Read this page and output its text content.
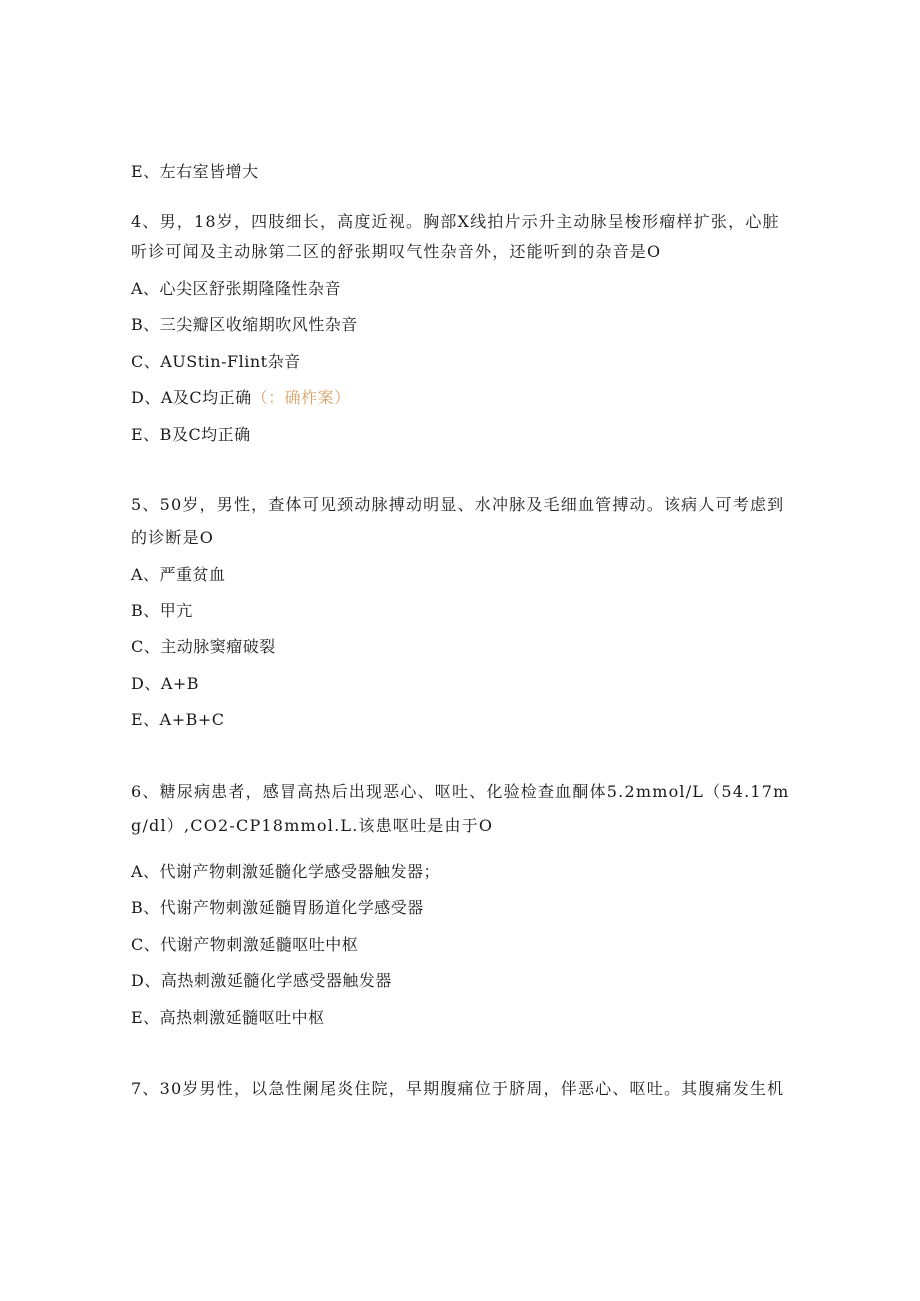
E、左右室皆增大
4、男，18岁，四肢细长，高度近视。胸部X线拍片示升主动脉呈梭形瘤样扩张，心脏
听诊可闻及主动脉第二区的舒张期叹气性杂音外，还能听到的杂音是O
A、心尖区舒张期隆隆性杂音
B、三尖瓣区收缩期吹风性杂音
C、AUStin-Flint杂音
D、A及C均正确（：确柞案）
E、B及C均正确
5、50岁，男性，查体可见颈动脉搏动明显、水冲脉及毛细血管搏动。该病人可考虑到
的诊断是O
A、严重贫血
B、甲亢
C、主动脉窦瘤破裂
D、A+B
E、A+B+C
6、糖尿病患者，感冒高热后出现恶心、呕吐、化验检查血酮体5.2mmol/L（54.17m
g/dl）,CO2-CP18mmol.L.该患呕吐是由于O
A、代谢产物刺激延髓化学感受器触发器；
B、代谢产物刺激延髓胃肠道化学感受器
C、代谢产物刺激延髓呕吐中枢
D、高热刺激延髓化学感受器触发器
E、高热刺激延髓呕吐中枢
7、30岁男性，以急性阑尾炎住院，早期腹痛位于脐周，伴恶心、呕吐。其腹痛发生机
